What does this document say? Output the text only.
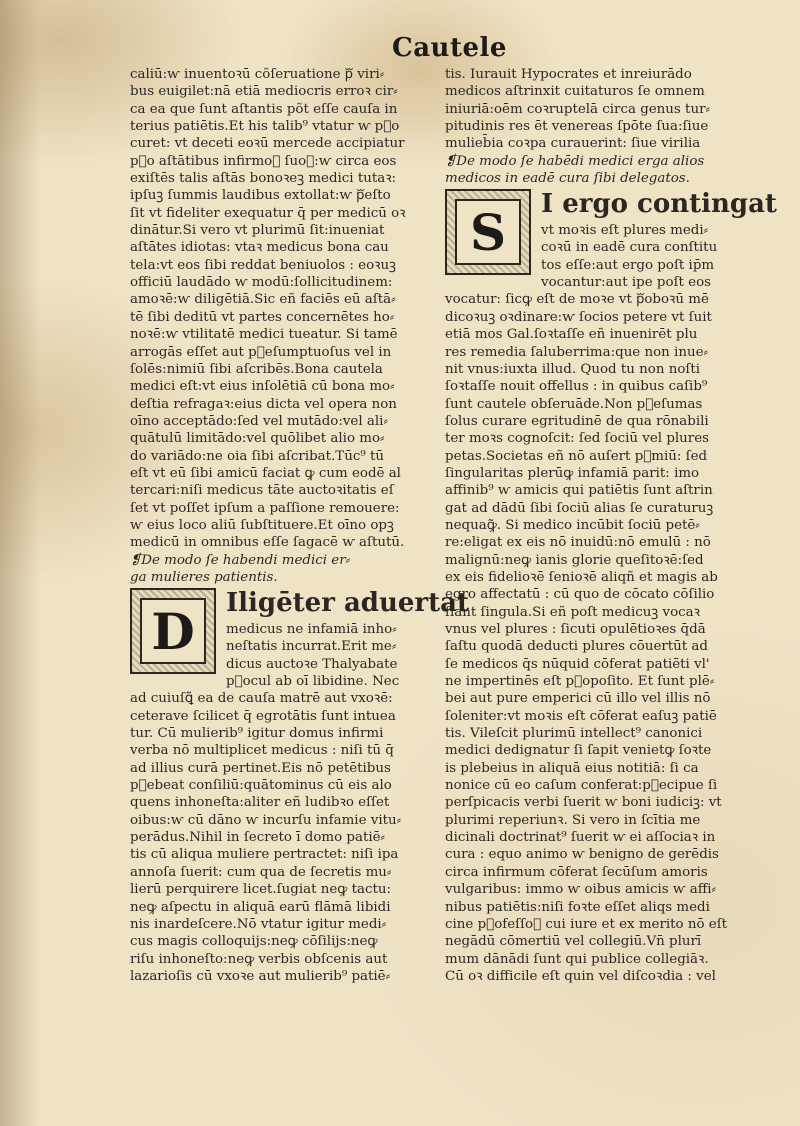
Cautele
caliū:ⱳ inuentoꝛū cõſeruatione pᷓ viri⸗
bus euigilet:nā etiā mediocris erroꝛ cir⸗
ca ea que ſunt aſtantis põt eſſe cauſa in
terius patiētis.Et his talib⁹ vtatur ⱳ pᷓo
curet: vt deceti eoꝛū mercede accipiatur
pᷓo aſtātibus infirmoꝝ ſuoꝝ:ⱳ circa eos
exiſtēs talis aſtās bonoꝛeꝫ medici tutaꝛ:
ipſuꝫ ſummis laudibus extollat:ⱳ pᷓeſto
ſit vt fideliter exequatur q̄ per medicū oꝛ
dinātur.Si vero vt plurimū ſit:inueniat
aſtātes idiotas: vtaꝛ medicus bona cau
tela:vt eos ſibi reddat beniuolos : eoꝛuꝫ
officiū laudādo ⱳ modū:ſollicitudinem:
amoꝛē:ⱳ diligētiā.Sic eñ faciēs eū aſtā⸗
tē ſibi deditū vt partes concernētes ho⸗
noꝛē:ⱳ vtilitatē medici tueatur. Si tamē
arrogās eſſet aut pᷓeſumptuoſus vel in
ſolēs:nimiū ſibi aſcribēs.Bona cautela
medici eſt:vt eius inſolētiā cū bona mo⸗
deſtia refragaꝛ:eius dicta vel opera non
oīno acceptādo:ſed vel mutādo:vel ali⸗
quātulū limitādo:vel quōlibet alio mo⸗
do variādo:ne oia ſibi aſcribat.Tūc⁹ tū
eſt vt eū ſibi amicū faciat ꝙ cum eodē al
tercari:niſi medicus tāte auctoꝛitatis eſ
ſet vt poſſet ipſum a paſſione remouere:
ⱳ eius loco aliū ſubſtituere.Et oīno opꝫ
medicū in omnibus eſſe ſagacē ⱳ aſtutū.
❡De modo ſe habendi medici er⸗
ga mulieres patientis.
D	Iligēter aduertat
medicus ne infamiā inho⸗
neſtatis incurrat.Erit me⸗
dicus auctoꝛe Thalyabate
pᷓocul ab oī libidine. Nec
ad cuiuſꝗ̃ ea de cauſa matrē aut vxoꝛē:
ceterave ſcilicet q̄ egrotātis ſunt intuea
tur. Cū mulierib⁹ igitur domus infirmi
verba nō multiplicet medicus : niſi tū q̄
ad illius curā pertinet.Eis nō petētibus
pᷓebeat conſiliū:quātominus cū eis alo
quens inhoneſta:aliter eñ ludibꝛo eſſet
oibus:ⱳ cū dāno ⱳ incurſu infamie vitu⸗
perādus.Nihil in ſecreto ī domo patiē⸗
tis cū aliqua muliere pertractet: niſi ipa
annoſa ſuerit: cum qua de ſecretis mu⸗
lierū perquirere licet.ſugiat neꝙ tactu:
neꝙ aſpectu in aliquā earū flāmā libidi
nis inardeſcere.Nō vtatur igitur medi⸗
cus magis colloquijs:neꝙ cōſilijs:neꝙ
riſu inhoneſto:neꝙ verbis obſcenis aut
lazarioſis cū vxoꝛe aut mulierib⁹ patiē⸗
tis. Iurauit Hypocrates et inreiurādo
medicos aſtrinxit cuitaturos ſe omnem
iniuriā:oēm coꝛruptelā circa genus tur⸗
pitudinis res ēt venereas ſpōte ſua:ſiue
mulieb̄ia coꝛpa curauerint: ſiue virilia
❡De modo ſe habēdi medici erga alios
medicos in eadē cura ſibi delegatos.
S	I ergo contingat
vt moꝛis eſt plures medi⸗
coꝛū in eadē cura conſtitu
tos eſſe:aut ergo poſt ip̄m
vocantur:aut ipe poſt eos
vocatur: ſicꝙ eſt de moꝛe vt pᷓoboꝛū mē
dicoꝛuꝫ oꝛdinare:ⱳ ſocios petere vt ſuit
etiā mos Gal.ſoꝛtaſſe eñ inuenirēt plu
res remedia ſaluberrima:que non inue⸗
nit vnus:iuxta illud. Quod tu non noſti
ſoꝛtaſſe nouit offellus : in quibus caſib⁹
ſunt cautele obſeruāde.Non pᷓeſumas
ſolus curare egritudinē de qua rōnabili
ter moꝛs cognoſcit: ſed ſociū vel plures
petas.Societas eñ nō auſert pᷓmiū: ſed
ſingularitas plerūꝙ infamiā parit: imo
affinib⁹ ⱳ amicis qui patiētis ſunt aſtrin
gat ad dādū ſibi ſociū alias ſe curaturuꝫ
nequaꝙ̃. Si medico incūbit ſociū petē⸗
re:eligat ex eis nō inuidū:nō emulū : nō
malignū:neꝙ ianis glorie queſitoꝛē:ſed
ex eis fidelioꝛē ſenioꝛē aliqñ et magis ab
egro affectatū : cū quo de cōcato cōſilio
ſiant ſingula.Si eñ poſt medicuꝫ vocaꝛ
vnus vel plures : ſicuti opulētioꝛes q̄dā
ſaſtu quodā deducti plures cōuertūt ad
ſe medicos q̄s nūquid cōferat patiēti vl'
ne impertinēs eſt pᷓopoſito. Et ſunt plē⸗
bei aut pure emperici cū illo vel illis nō
ſoleniter:vt moꝛis eſt cōferat eaſuꝫ patiē
tis. Vileſcit plurimū intellect⁹ canonici
medici dedignatur ſi ſapit venietꝙ ſoꝛte
is plebeius in aliquā eius notitiā: ſi ca
nonice cū eo caſum conferat:pᷓecipue ſi
perſpicacis verbi ſuerit ⱳ boni iudiciꝫ: vt
plurimi reperiunꝛ. Si vero in ſcītia me
dicinali doctrinat⁹ ſuerit ⱳ ei aſſociaꝛ in
cura : equo animo ⱳ benigno de gerēdis
circa infirmum cōferat ſecūſum amoris
vulgaribus: immo ⱳ oibus amicis ⱳ affi⸗
nibus patiētis:niſi foꝛte eſſet aliqs medi
cine pᷓofeſſoꝛ cui iure et ex merito nō eſt
negādū cōmertiū vel collegiū.Vn̄ plurī
mum dānādi ſunt qui publice collegiāꝛ.
Cū oꝛ difficile eſt quin vel diſcoꝛdia : vel
